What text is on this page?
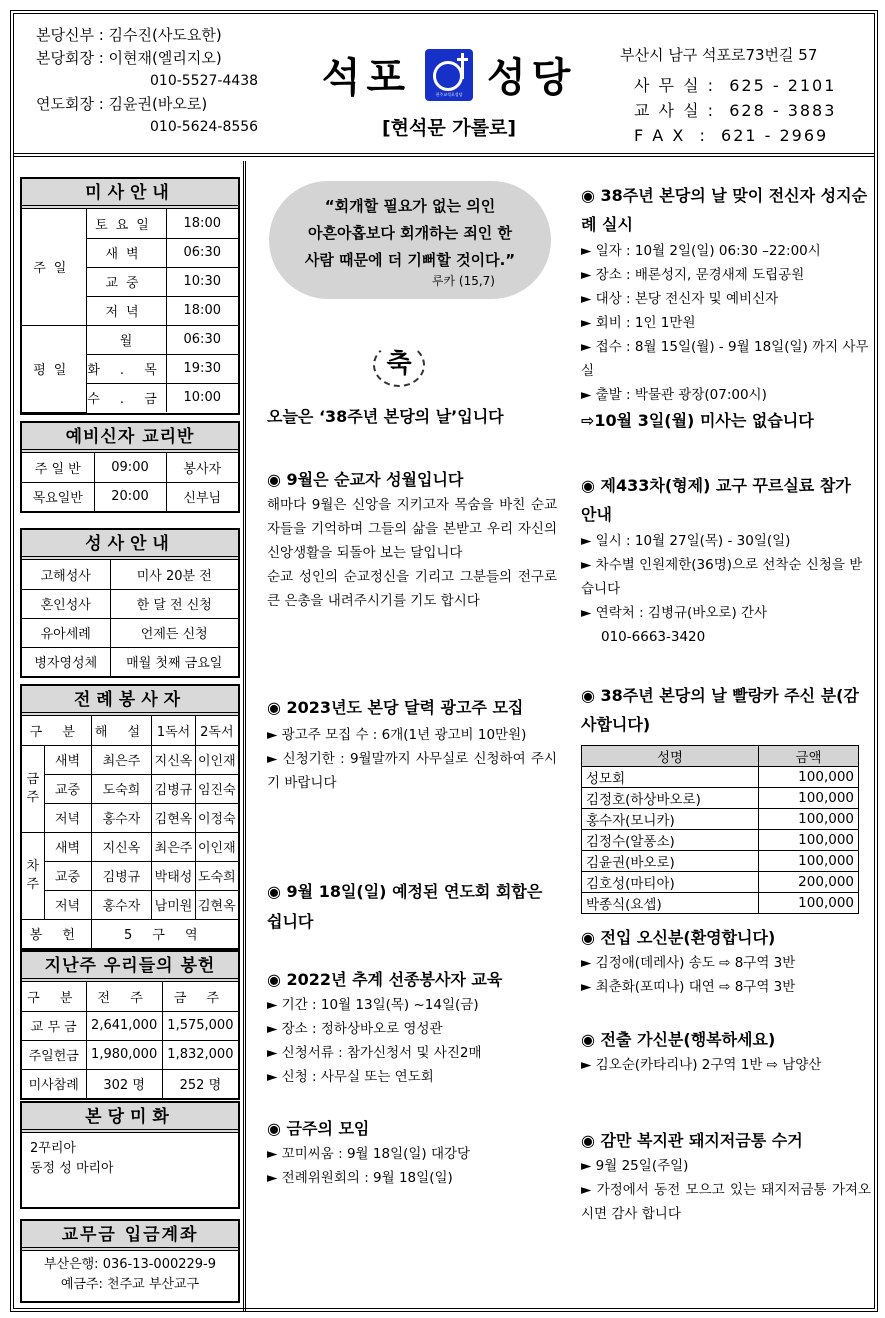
본당신부 : 김수진(사도요한)
본당회장 : 이현재(엘리지오)
010-5527-4438
연도회장 : 김윤권(바오로)
010-5624-8556
석포	천주교석포성당 성당
[현석문 가롤로]
부산시 남구 석포로73번길 57
사 무 실 :  625 - 2101
교 사 실 :  628 - 3883
F A X  :  621 - 2969
미사안내
주일	토요일	18:00
	새벽	06:30
	교중	10:30
	저녁	18:00
평일	월	06:30
	화 . 목	19:30
	수 . 금	10:00
예비신자 교리반
주 일 반	09:00	봉사자
목요일반	20:00	신부님
성사안내
고해성사	미사 20분 전
혼인성사	한 달 전 신청
유아세례	언제든 신청
병자영성체	매월 첫째 금요일
전례봉사자
구 분		해 설	1독서	2독서
금주	새벽	최은주	지신옥	이인재
	교중	도숙희	김병규	임진숙
	저녁	홍수자	김현옥	이정숙
차주	새벽	지신옥	최은주	이인재
	교중	김병규	박태성	도숙희
	저녁	홍수자	남미원	김현옥
봉 헌		5 구 역		
지난주 우리들의 봉헌
구 분	전 주	금 주
교 무 금	2,641,000	1,575,000
주일헌금	1,980,000	1,832,000
미사참례	302 명	252 명
본당미화
2꾸리아
동정 성 마리아
교무금 입금계좌
부산은행: 036-13-000229-9
예금주: 천주교 부산교구
“회개할 필요가 없는 의인
아흔아홉보다 회개하는 죄인 한
사람 때문에 더 기뻐할 것이다.”
루카 (15,7)
축
오늘은 ‘38주년 본당의 날’입니다
◉ 9월은 순교자 성월입니다
해마다 9월은 신앙을 지키고자 목숨을 바친 순교자들을 기억하며 그들의 삶을 본받고 우리 자신의 신앙생활을 되돌아 보는 달입니다
순교 성인의 순교정신을 기리고 그분들의 전구로 큰 은총을 내려주시기를 기도 합시다
◉ 2023년도 본당 달력 광고주 모집
► 광고주 모집 수 : 6개(1년 광고비 10만원)
► 신청기한 : 9월말까지 사무실로 신청하여 주시기 바랍니다
◉ 9월 18일(일) 예정된 연도회 회합은 쉽니다
◉ 2022년 추계 선종봉사자 교육
► 기간 : 10월 13일(목) ~14일(금)
► 장소 : 정하상바오로 영성관
► 신청서류 : 참가신청서 및 사진2매
► 신청 : 사무실 또는 연도회
◉ 금주의 모임
► 꼬미씨움 : 9월 18일(일) 대강당
► 전례위원회의 : 9월 18일(일)
◉ 38주년 본당의 날 맞이 전신자 성지순례 실시
► 일자 : 10월 2일(일) 06:30 –22:00시
► 장소 : 배론성지, 문경새제 도립공원
► 대상 : 본당 전신자 및 예비신자
► 회비 : 1인 1만원
► 접수 : 8월 15일(월) - 9월 18일(일) 까지 사무실
► 출발 : 박물관 광장(07:00시)
⇨10월 3일(월) 미사는 없습니다
◉ 제433차(형제) 교구 꾸르실료 참가 안내
► 일시 : 10월 27일(목) - 30일(일)
► 차수별 인원제한(36명)으로 선착순 신청을 받습니다
► 연락처 : 김병규(바오로) 간사
010-6663-3420
◉ 38주년 본당의 날 빨랑카 주신 분(감사합니다)
성명	금액
성모회	100,000
김정호(하상바오로)	100,000
홍수자(모니카)	100,000
김정수(알퐁소)	100,000
김윤권(바오로)	100,000
김호성(마티아)	200,000
박종식(요셉)	100,000
◉ 전입 오신분(환영합니다)
► 김정애(데레사) 송도 ⇨ 8구역 3반
► 최춘화(포띠나) 대연 ⇨ 8구역 3반
◉ 전출 가신분(행복하세요)
► 김오순(카타리나) 2구역 1반 ⇨ 남양산
◉ 감만 복지관 돼지저금통 수거
► 9월 25일(주일)
► 가정에서 동전 모으고 있는 돼지저금통 가져오시면 감사 합니다
